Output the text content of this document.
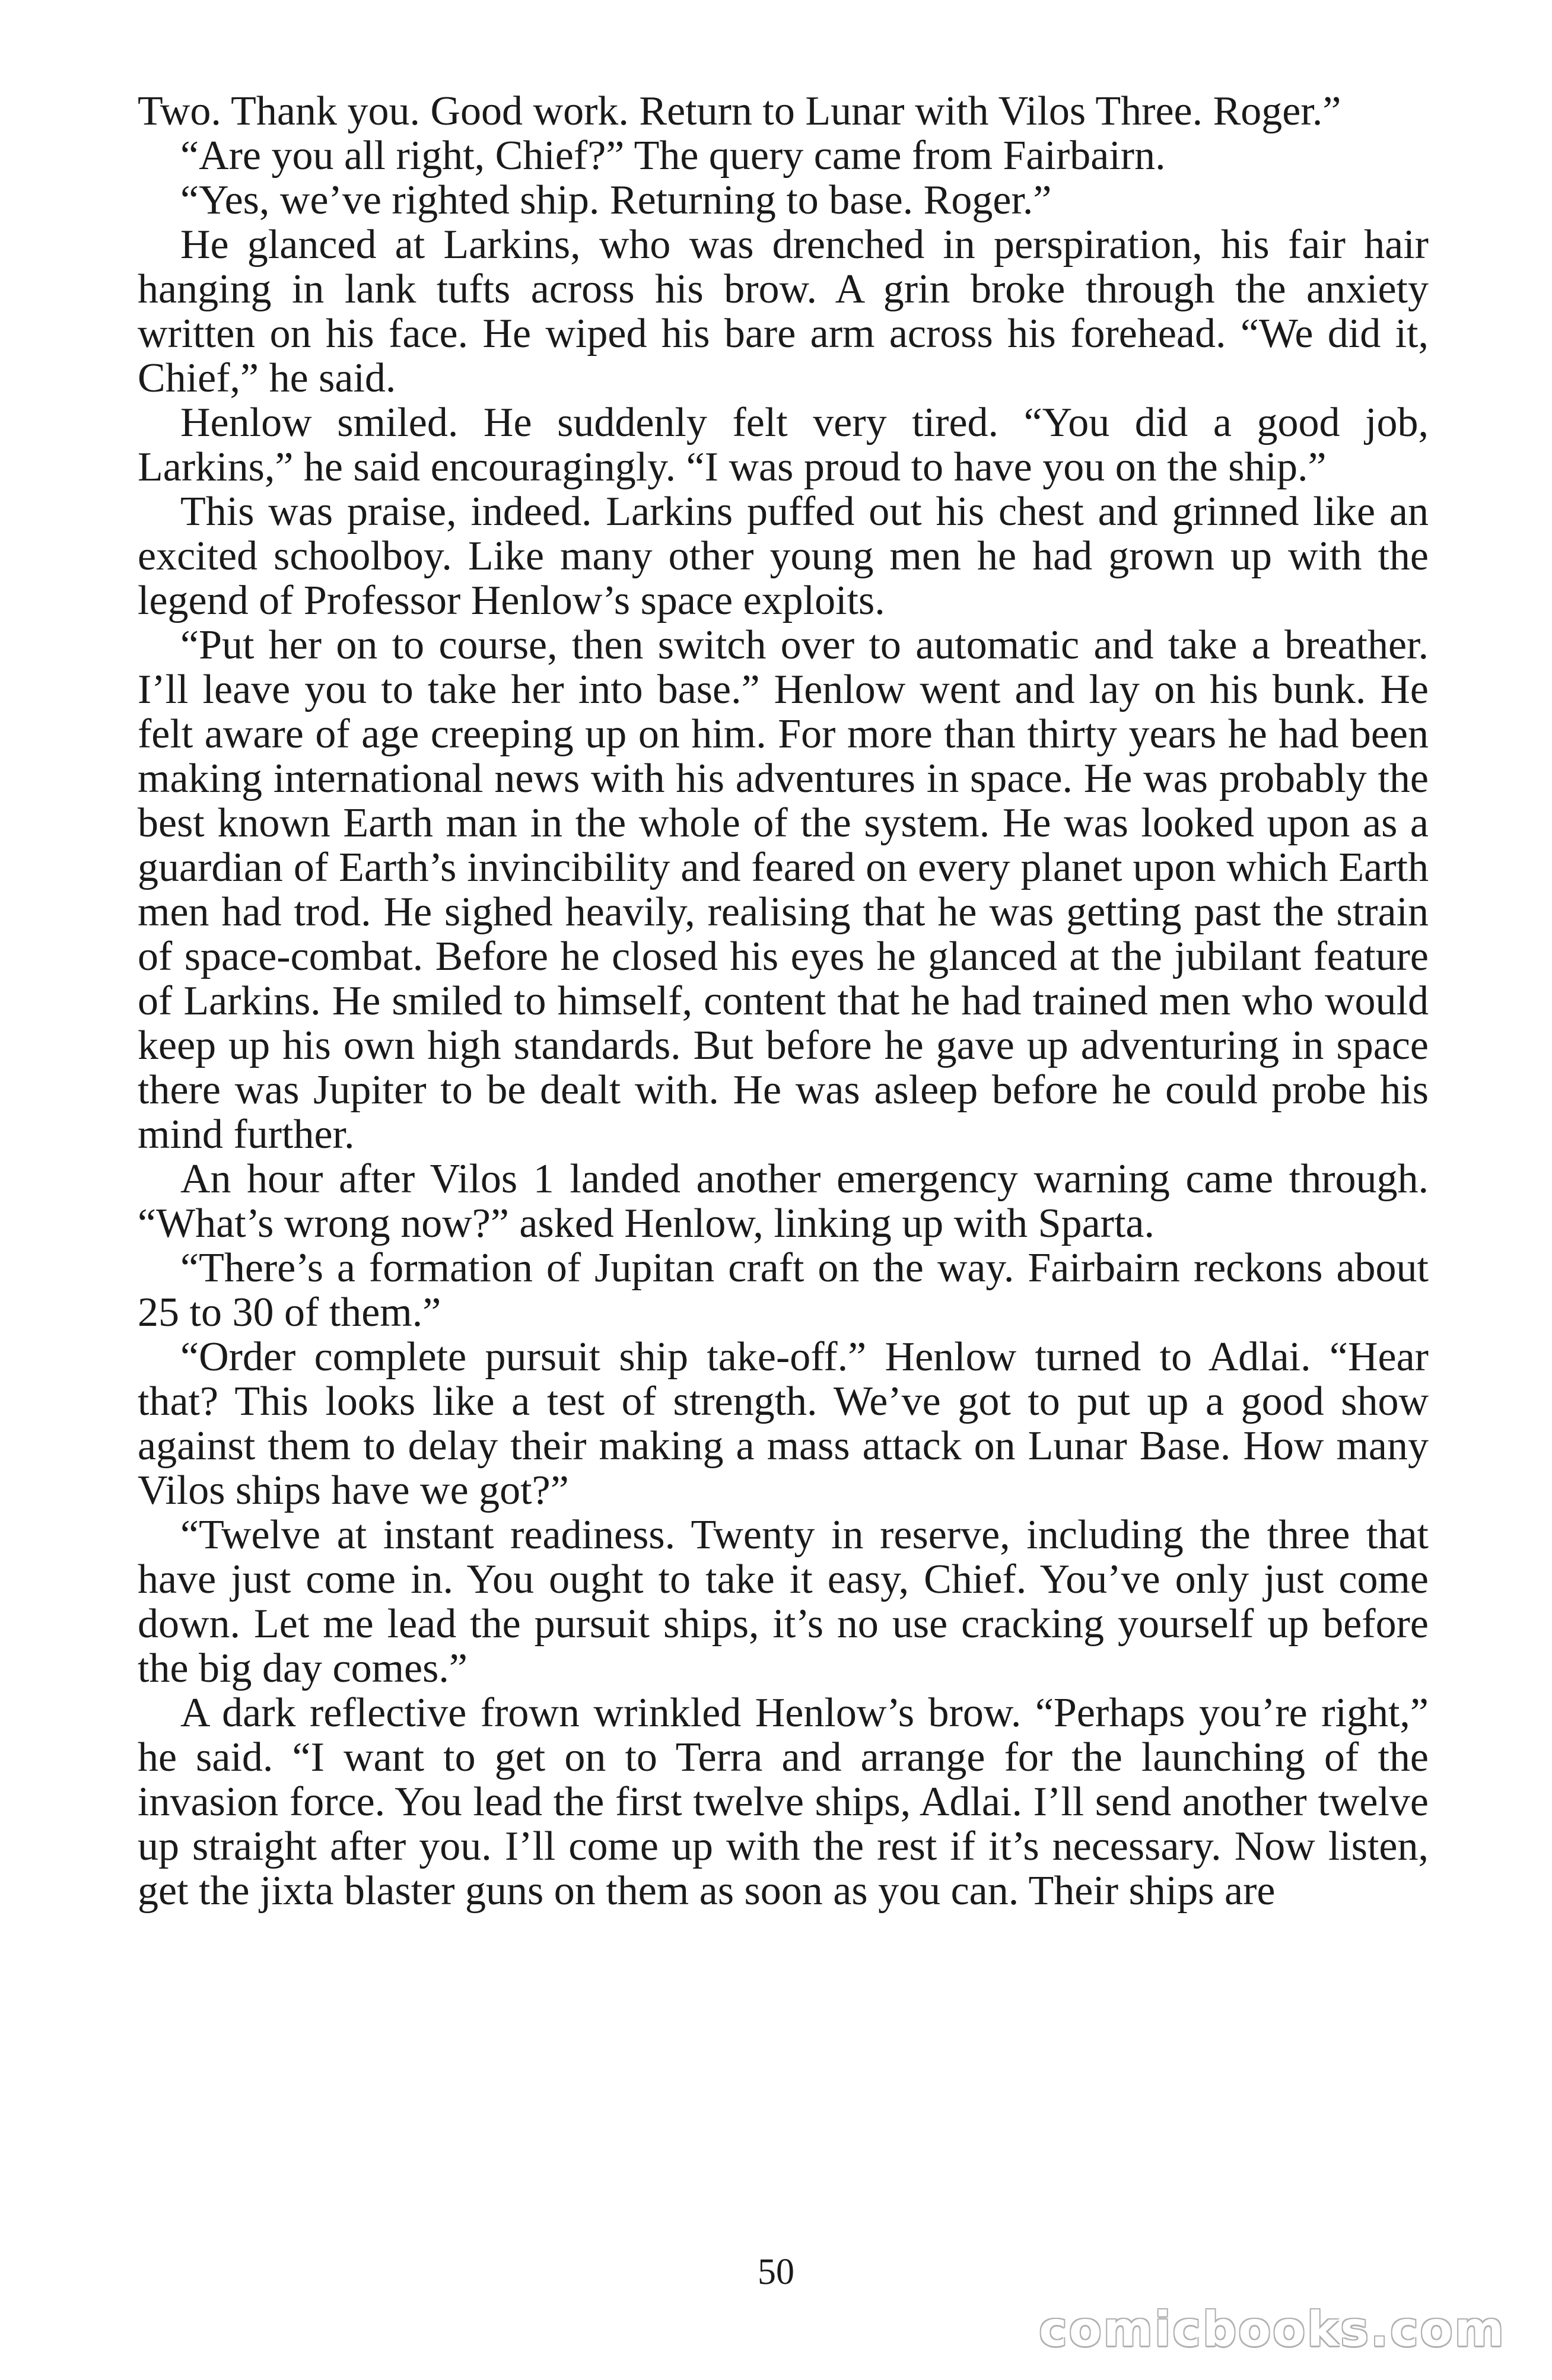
Two. Thank you. Good work. Return to Lunar with Vilos Three. Roger.”

“Are you all right, Chief?” The query came from Fairbairn.

“Yes, we’ve righted ship. Returning to base. Roger.”

He glanced at Larkins, who was drenched in perspiration, his fair hair hanging in lank tufts across his brow. A grin broke through the anxiety written on his face. He wiped his bare arm across his forehead. “We did it, Chief,” he said.

Henlow smiled. He suddenly felt very tired. “You did a good job, Larkins,” he said encouragingly. “I was proud to have you on the ship.”

This was praise, indeed. Larkins puffed out his chest and grinned like an excited schoolboy. Like many other young men he had grown up with the legend of Professor Henlow’s space exploits.

“Put her on to course, then switch over to automatic and take a breather. I’ll leave you to take her into base.” Henlow went and lay on his bunk. He felt aware of age creeping up on him. For more than thirty years he had been making international news with his adventures in space. He was probably the best known Earth man in the whole of the system. He was looked upon as a guardian of Earth’s invincibility and feared on every planet upon which Earth men had trod. He sighed heavily, realising that he was getting past the strain of space-combat. Before he closed his eyes he glanced at the jubilant feature of Larkins. He smiled to himself, content that he had trained men who would keep up his own high standards. But before he gave up adventuring in space there was Jupiter to be dealt with. He was asleep before he could probe his mind further.

An hour after Vilos 1 landed another emergency warning came through. “What’s wrong now?” asked Henlow, linking up with Sparta.

“There’s a formation of Jupitan craft on the way. Fairbairn reckons about 25 to 30 of them.”

“Order complete pursuit ship take-off.” Henlow turned to Adlai. “Hear that? This looks like a test of strength. We’ve got to put up a good show against them to delay their making a mass attack on Lunar Base. How many Vilos ships have we got?”

“Twelve at instant readiness. Twenty in reserve, including the three that have just come in. You ought to take it easy, Chief. You’ve only just come down. Let me lead the pursuit ships, it’s no use cracking yourself up before the big day comes.”

A dark reflective frown wrinkled Henlow’s brow. “Perhaps you’re right,” he said. “I want to get on to Terra and arrange for the launching of the invasion force. You lead the first twelve ships, Adlai. I’ll send another twelve up straight after you. I’ll come up with the rest if it’s necessary. Now listen, get the jixta blaster guns on them as soon as you can. Their ships are

50
comicbooks.com
